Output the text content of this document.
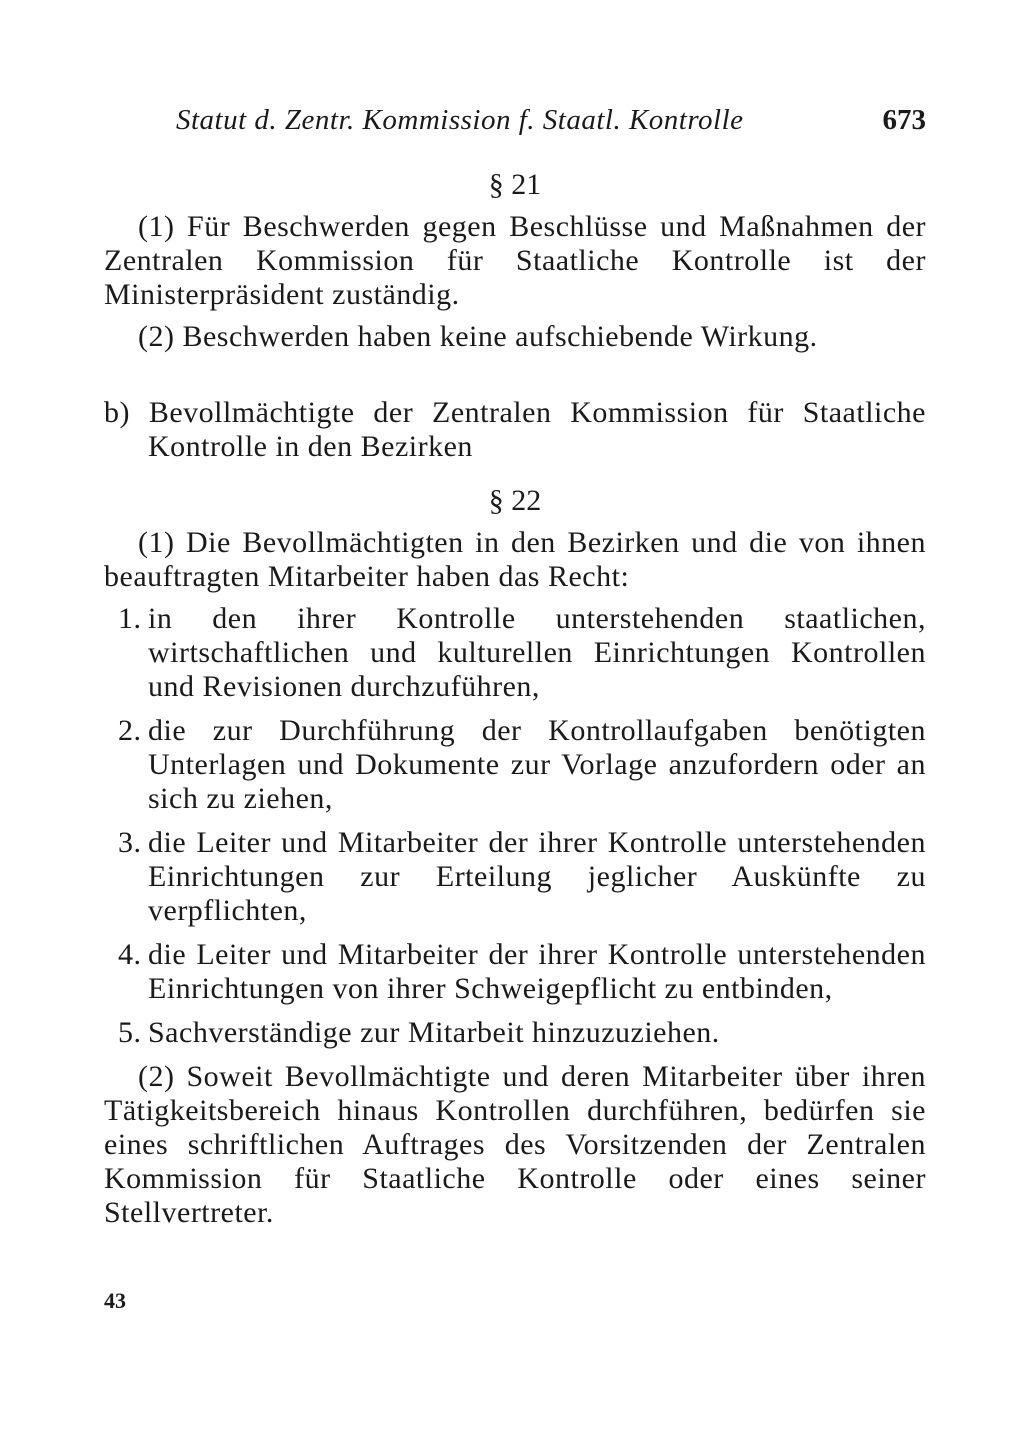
Statut d. Zentr. Kommission f. Staatl. Kontrolle	673
§ 21

(1) Für Beschwerden gegen Beschlüsse und Maßnahmen der Zentralen Kommission für Staatliche Kontrolle ist der Ministerpräsident zuständig.

(2) Beschwerden haben keine aufschiebende Wirkung.

b) Bevollmächtigte der Zentralen Kommission für Staatliche Kontrolle in den Bezirken

§ 22

(1) Die Bevollmächtigten in den Bezirken und die von ihnen beauftragten Mitarbeiter haben das Recht:

1. in den ihrer Kontrolle unterstehenden staatlichen, wirtschaftlichen und kulturellen Einrichtungen Kontrollen und Revisionen durchzuführen,
2. die zur Durchführung der Kontrollaufgaben benötigten Unterlagen und Dokumente zur Vorlage anzufordern oder an sich zu ziehen,
3. die Leiter und Mitarbeiter der ihrer Kontrolle unterstehenden Einrichtungen zur Erteilung jeglicher Auskünfte zu verpflichten,
4. die Leiter und Mitarbeiter der ihrer Kontrolle unterstehenden Einrichtungen von ihrer Schweigepflicht zu entbinden,
5. Sachverständige zur Mitarbeit hinzuzuziehen.

(2) Soweit Bevollmächtigte und deren Mitarbeiter über ihren Tätigkeitsbereich hinaus Kontrollen durchführen, bedürfen sie eines schriftlichen Auftrages des Vorsitzenden der Zentralen Kommission für Staatliche Kontrolle oder eines seiner Stellvertreter.

43
